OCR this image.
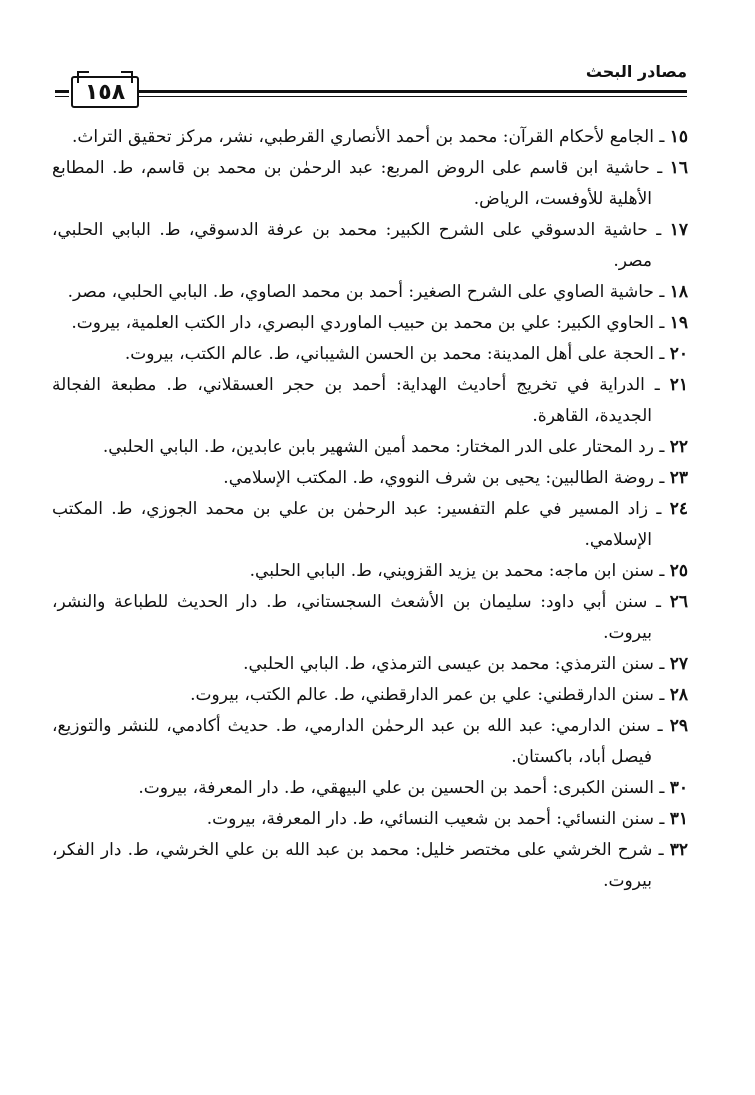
مصادر البحث
١٥٨

١٥ ـ الجامع لأحكام القرآن: محمد بن أحمد الأنصاري القرطبي، نشر، مركز تحقيق التراث.

١٦ ـ حاشية ابن قاسم على الروض المربع: عبد الرحمٰن بن محمد بن قاسم، ط. المطابع الأهلية للأوفست، الرياض.

١٧ ـ حاشية الدسوقي على الشرح الكبير: محمد بن عرفة الدسوقي، ط. البابي الحلبي، مصر.

١٨ ـ حاشية الصاوي على الشرح الصغير: أحمد بن محمد الصاوي، ط. البابي الحلبي، مصر.

١٩ ـ الحاوي الكبير: علي بن محمد بن حبيب الماوردي البصري، دار الكتب العلمية، بيروت.

٢٠ ـ الحجة على أهل المدينة: محمد بن الحسن الشيباني، ط. عالم الكتب، بيروت.

٢١ ـ الدراية في تخريج أحاديث الهداية: أحمد بن حجر العسقلاني، ط. مطبعة الفجالة الجديدة، القاهرة.

٢٢ ـ رد المحتار على الدر المختار: محمد أمين الشهير بابن عابدين، ط. البابي الحلبي.

٢٣ ـ روضة الطالبين: يحيى بن شرف النووي، ط. المكتب الإسلامي.

٢٤ ـ زاد المسير في علم التفسير: عبد الرحمٰن بن علي بن محمد الجوزي، ط. المكتب الإسلامي.

٢٥ ـ سنن ابن ماجه: محمد بن يزيد القزويني، ط. البابي الحلبي.

٢٦ ـ سنن أبي داود: سليمان بن الأشعث السجستاني، ط. دار الحديث للطباعة والنشر، بيروت.

٢٧ ـ سنن الترمذي: محمد بن عيسى الترمذي، ط. البابي الحلبي.

٢٨ ـ سنن الدارقطني: علي بن عمر الدارقطني، ط. عالم الكتب، بيروت.

٢٩ ـ سنن الدارمي: عبد الله بن عبد الرحمٰن الدارمي، ط. حديث أكادمي، للنشر والتوزيع، فيصل أباد، باكستان.

٣٠ ـ السنن الكبرى: أحمد بن الحسين بن علي البيهقي، ط. دار المعرفة، بيروت.

٣١ ـ سنن النسائي: أحمد بن شعيب النسائي، ط. دار المعرفة، بيروت.

٣٢ ـ شرح الخرشي على مختصر خليل: محمد بن عبد الله بن علي الخرشي، ط. دار الفكر، بيروت.
